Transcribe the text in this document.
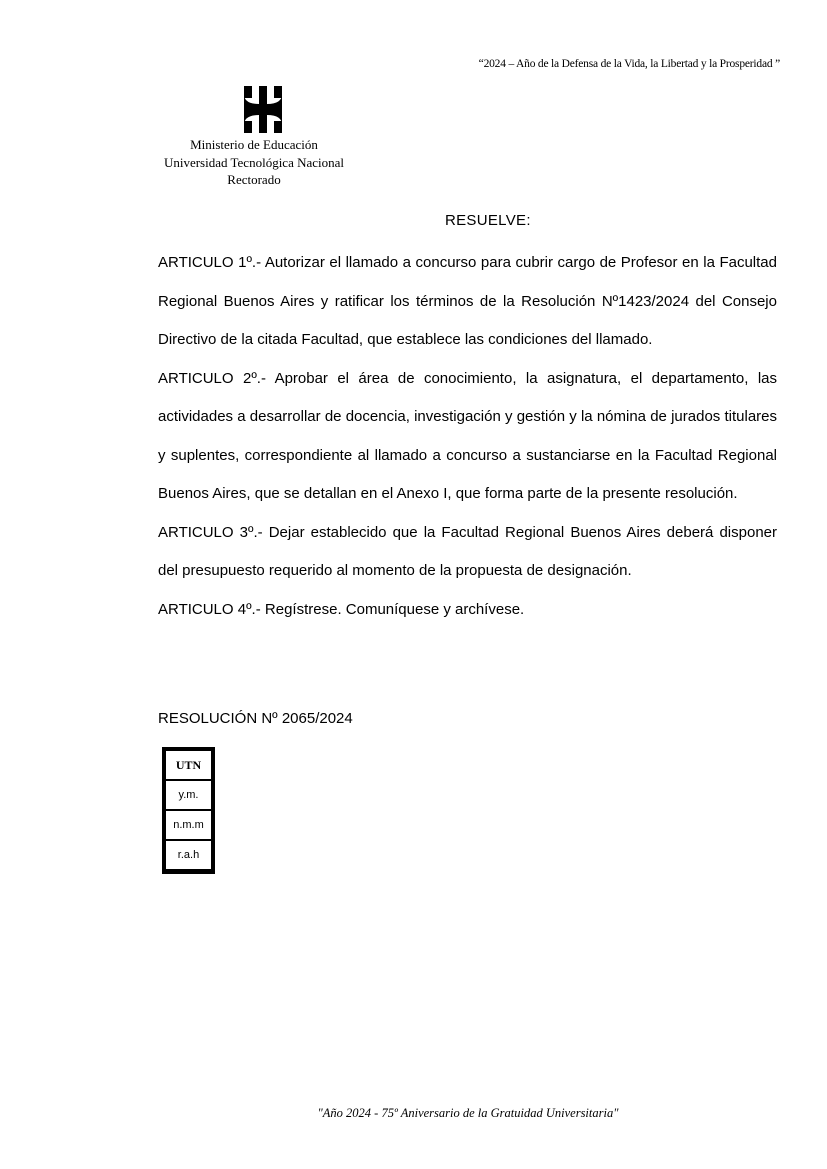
“2024 – Año de la Defensa de la Vida, la Libertad y la Prosperidad ”
Ministerio de Educación
Universidad Tecnológica Nacional
Rectorado
RESUELVE:

ARTICULO 1º.- Autorizar el llamado a concurso para cubrir cargo de Profesor en la Facultad Regional Buenos Aires y ratificar los términos de la Resolución Nº1423/2024 del Consejo Directivo de la citada Facultad, que establece las condiciones del llamado.

ARTICULO 2º.- Aprobar el área de conocimiento, la asignatura, el departamento, las actividades a desarrollar de docencia, investigación y gestión y la nómina de jurados titulares y suplentes, correspondiente al llamado a concurso a sustanciarse en la Facultad Regional Buenos Aires, que se detallan en el Anexo I, que forma parte de la presente resolución.

ARTICULO 3º.- Dejar establecido que la Facultad Regional Buenos Aires deberá disponer del presupuesto requerido al momento de la propuesta de designación.

ARTICULO 4º.- Regístrese. Comuníquese y archívese.

RESOLUCIÓN Nº 2065/2024
UTN
y.m.
n.m.m
r.a.h
"Año 2024 - 75º Aniversario de la Gratuidad Universitaria"
